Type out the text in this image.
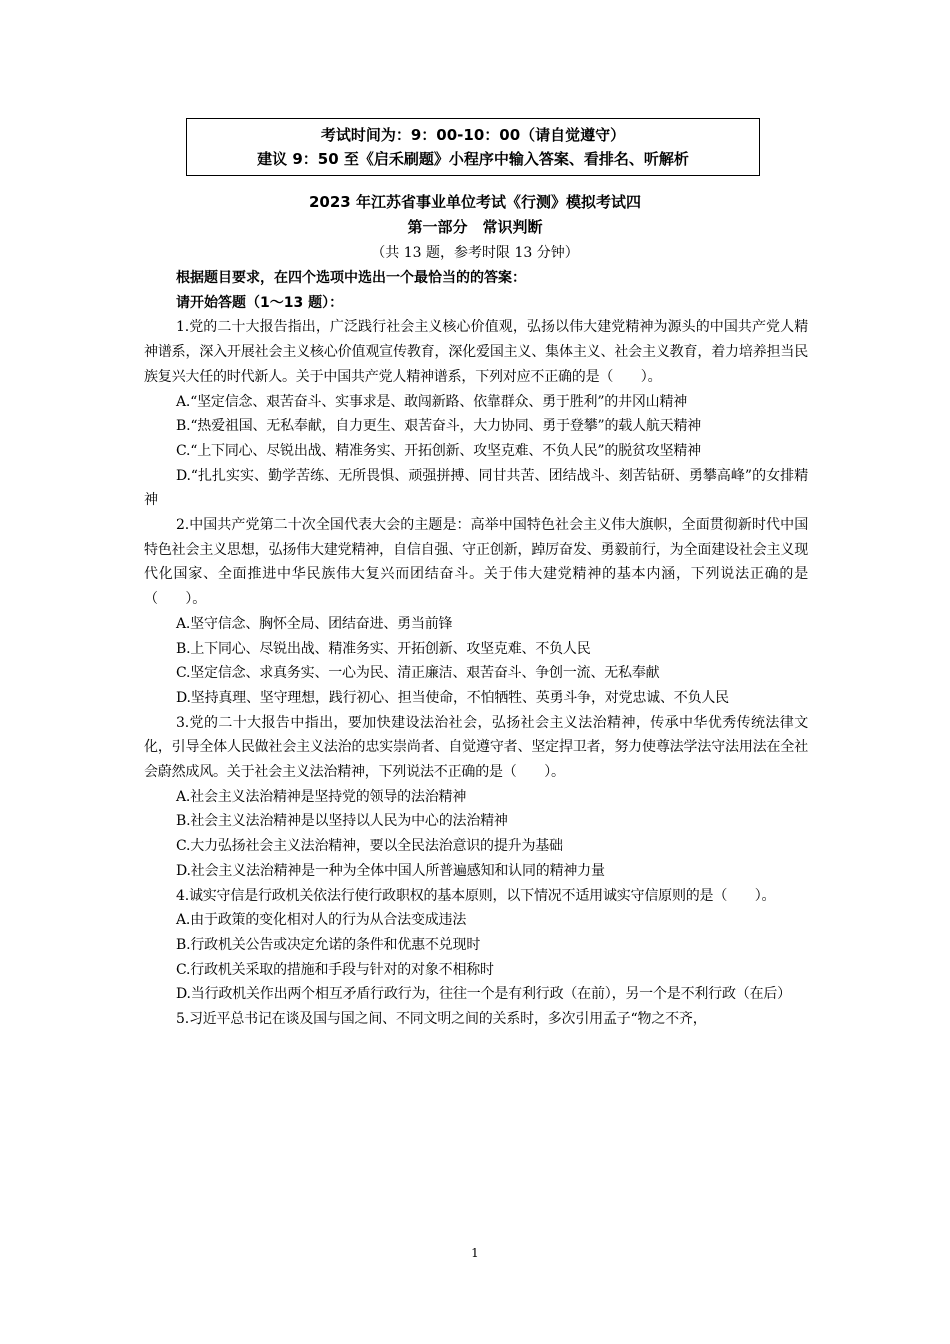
考试时间为：9：00-10：00（请自觉遵守）
建议 9：50 至《启禾刷题》小程序中输入答案、看排名、听解析
2023 年江苏省事业单位考试《行测》模拟考试四
第一部分　常识判断
（共 13 题，参考时限 13 分钟）

根据题目要求，在四个选项中选出一个最恰当的的答案：

请开始答题（1～13 题）：

1.党的二十大报告指出，广泛践行社会主义核心价值观，弘扬以伟大建党精神为源头的中国共产党人精神谱系，深入开展社会主义核心价值观宣传教育，深化爱国主义、集体主义、社会主义教育，着力培养担当民族复兴大任的时代新人。关于中国共产党人精神谱系，下列对应不正确的是（　　）。

A.“坚定信念、艰苦奋斗、实事求是、敢闯新路、依靠群众、勇于胜利”的井冈山精神

B.“热爱祖国、无私奉献，自力更生、艰苦奋斗，大力协同、勇于登攀”的载人航天精神

C.“上下同心、尽锐出战、精准务实、开拓创新、攻坚克难、不负人民”的脱贫攻坚精神

D.“扎扎实实、勤学苦练、无所畏惧、顽强拼搏、同甘共苦、团结战斗、刻苦钻研、勇攀高峰”的女排精神

2.中国共产党第二十次全国代表大会的主题是：高举中国特色社会主义伟大旗帜，全面贯彻新时代中国特色社会主义思想，弘扬伟大建党精神，自信自强、守正创新，踔厉奋发、勇毅前行，为全面建设社会主义现代化国家、全面推进中华民族伟大复兴而团结奋斗。关于伟大建党精神的基本内涵，下列说法正确的是（　　）。

A.坚守信念、胸怀全局、团结奋进、勇当前锋

B.上下同心、尽锐出战、精准务实、开拓创新、攻坚克难、不负人民

C.坚定信念、求真务实、一心为民、清正廉洁、艰苦奋斗、争创一流、无私奉献

D.坚持真理、坚守理想，践行初心、担当使命，不怕牺牲、英勇斗争，对党忠诚、不负人民

3.党的二十大报告中指出，要加快建设法治社会，弘扬社会主义法治精神，传承中华优秀传统法律文化，引导全体人民做社会主义法治的忠实崇尚者、自觉遵守者、坚定捍卫者，努力使尊法学法守法用法在全社会蔚然成风。关于社会主义法治精神，下列说法不正确的是（　　）。

A.社会主义法治精神是坚持党的领导的法治精神

B.社会主义法治精神是以坚持以人民为中心的法治精神

C.大力弘扬社会主义法治精神，要以全民法治意识的提升为基础

D.社会主义法治精神是一种为全体中国人所普遍感知和认同的精神力量

4.诚实守信是行政机关依法行使行政职权的基本原则，以下情况不适用诚实守信原则的是（　　）。

A.由于政策的变化相对人的行为从合法变成违法

B.行政机关公告或决定允诺的条件和优惠不兑现时

C.行政机关采取的措施和手段与针对的对象不相称时

D.当行政机关作出两个相互矛盾行政行为，往往一个是有利行政（在前），另一个是不利行政（在后）

5.习近平总书记在谈及国与国之间、不同文明之间的关系时，多次引用孟子“物之不齐，

1
